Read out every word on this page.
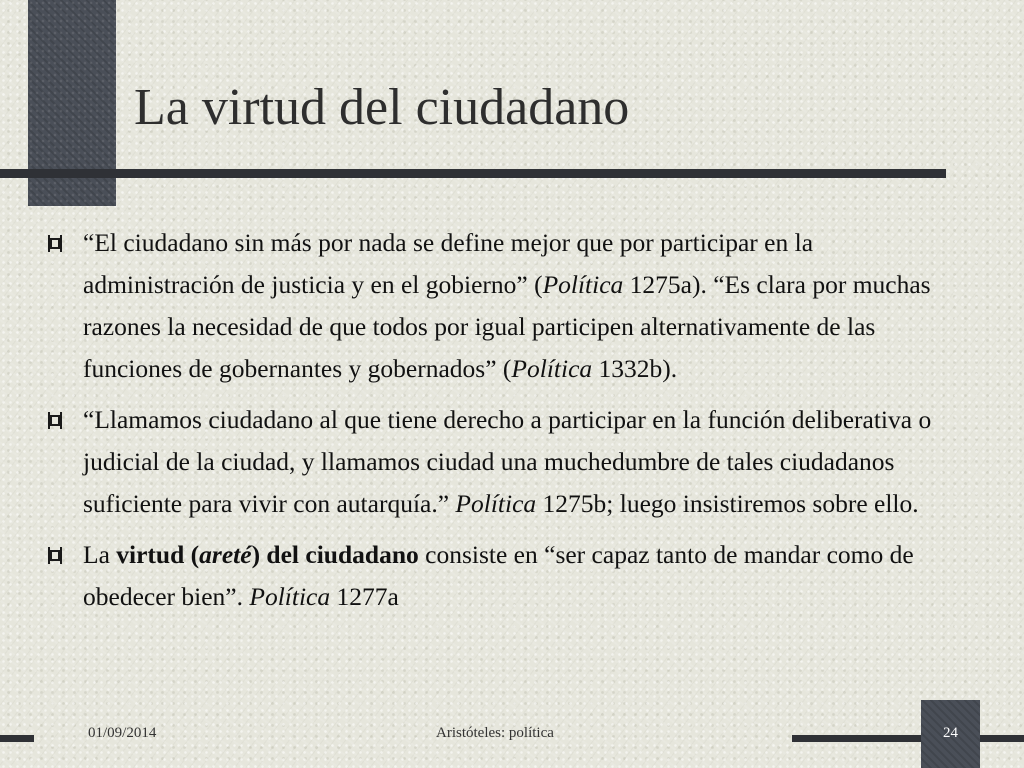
La virtud del ciudadano
“El ciudadano sin más por nada se define mejor que por participar en la administración de justicia y en el gobierno” (Política 1275a). “Es clara por muchas razones la necesidad de que todos por igual participen alternativamente de las funciones de gobernantes y gobernados” (Política 1332b).
“Llamamos ciudadano al que tiene derecho a participar en la función deliberativa o judicial de la ciudad, y llamamos ciudad una muchedumbre de tales ciudadanos suficiente para vivir con autarquía.” Política 1275b; luego insistiremos sobre ello.
La virtud (areté) del ciudadano consiste en “ser capaz tanto de mandar como de obedecer bien”. Política 1277a
01/09/2014	Aristóteles: política	24
